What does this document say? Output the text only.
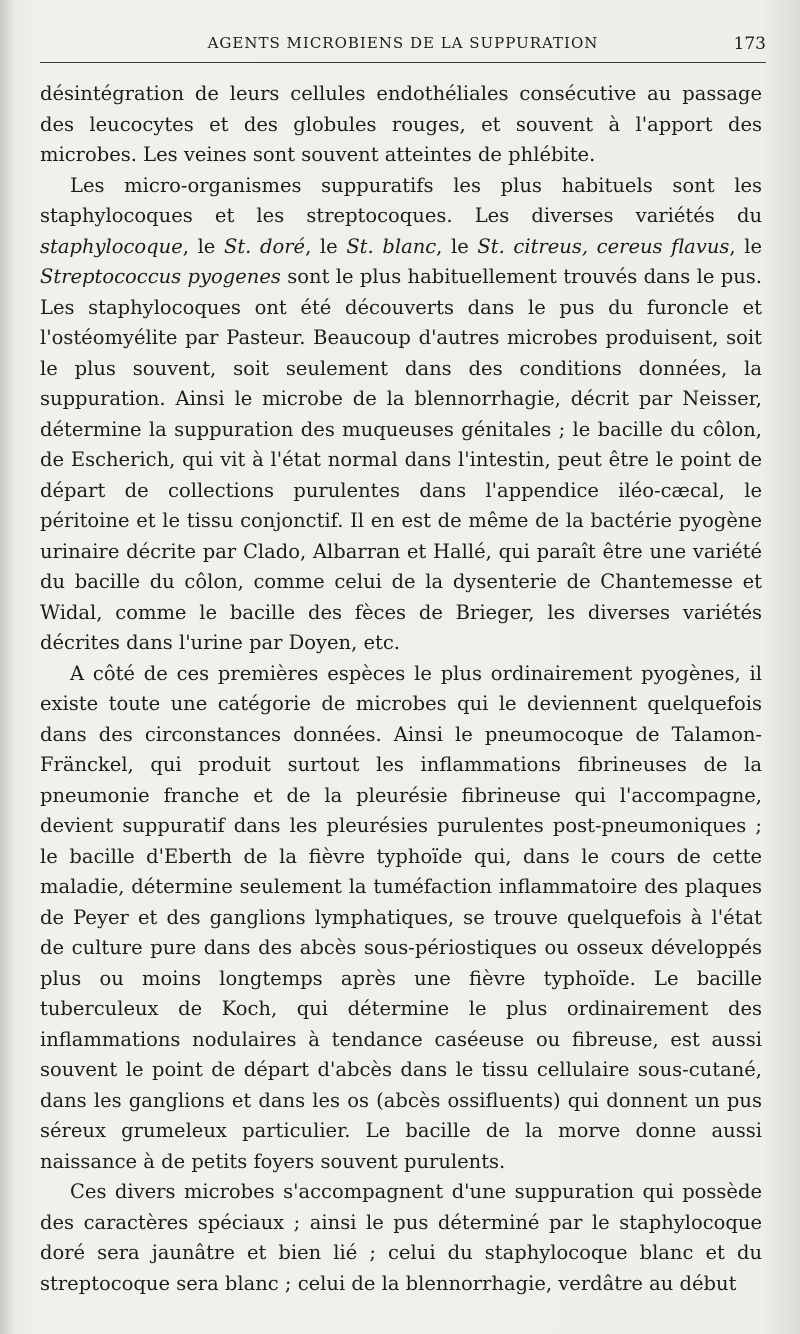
AGENTS MICROBIENS DE LA SUPPURATION	173

désintégration de leurs cellules endothéliales consécutive au passage des leucocytes et des globules rouges, et souvent à l'apport des microbes. Les veines sont souvent atteintes de phlébite.

Les micro-organismes suppuratifs les plus habituels sont les staphylocoques et les streptocoques. Les diverses variétés du staphylocoque, le St. doré, le St. blanc, le St. citreus, cereus flavus, le Streptococcus pyogenes sont le plus habituellement trouvés dans le pus. Les staphylocoques ont été découverts dans le pus du furoncle et l'ostéomyélite par Pasteur. Beaucoup d'autres microbes produisent, soit le plus souvent, soit seulement dans des conditions données, la suppuration. Ainsi le microbe de la blennorrhagie, décrit par Neisser, détermine la suppuration des muqueuses génitales ; le bacille du côlon, de Escherich, qui vit à l'état normal dans l'intestin, peut être le point de départ de collections purulentes dans l'appendice iléo-cæcal, le péritoine et le tissu conjonctif. Il en est de même de la bactérie pyogène urinaire décrite par Clado, Albarran et Hallé, qui paraît être une variété du bacille du côlon, comme celui de la dysenterie de Chantemesse et Widal, comme le bacille des fèces de Brieger, les diverses variétés décrites dans l'urine par Doyen, etc.

A côté de ces premières espèces le plus ordinairement pyogènes, il existe toute une catégorie de microbes qui le deviennent quelquefois dans des circonstances données. Ainsi le pneumocoque de Talamon-Fränckel, qui produit surtout les inflammations fibrineuses de la pneumonie franche et de la pleurésie fibrineuse qui l'accompagne, devient suppuratif dans les pleurésies purulentes post-pneumoniques ; le bacille d'Eberth de la fièvre typhoïde qui, dans le cours de cette maladie, détermine seulement la tuméfaction inflammatoire des plaques de Peyer et des ganglions lymphatiques, se trouve quelquefois à l'état de culture pure dans des abcès sous-périostiques ou osseux développés plus ou moins longtemps après une fièvre typhoïde. Le bacille tuberculeux de Koch, qui détermine le plus ordinairement des inflammations nodulaires à tendance caséeuse ou fibreuse, est aussi souvent le point de départ d'abcès dans le tissu cellulaire sous-cutané, dans les ganglions et dans les os (abcès ossifluents) qui donnent un pus séreux grumeleux particulier. Le bacille de la morve donne aussi naissance à de petits foyers souvent purulents.

Ces divers microbes s'accompagnent d'une suppuration qui possède des caractères spéciaux ; ainsi le pus déterminé par le staphylocoque doré sera jaunâtre et bien lié ; celui du staphylocoque blanc et du streptocoque sera blanc ; celui de la blennorrhagie, verdâtre au début
